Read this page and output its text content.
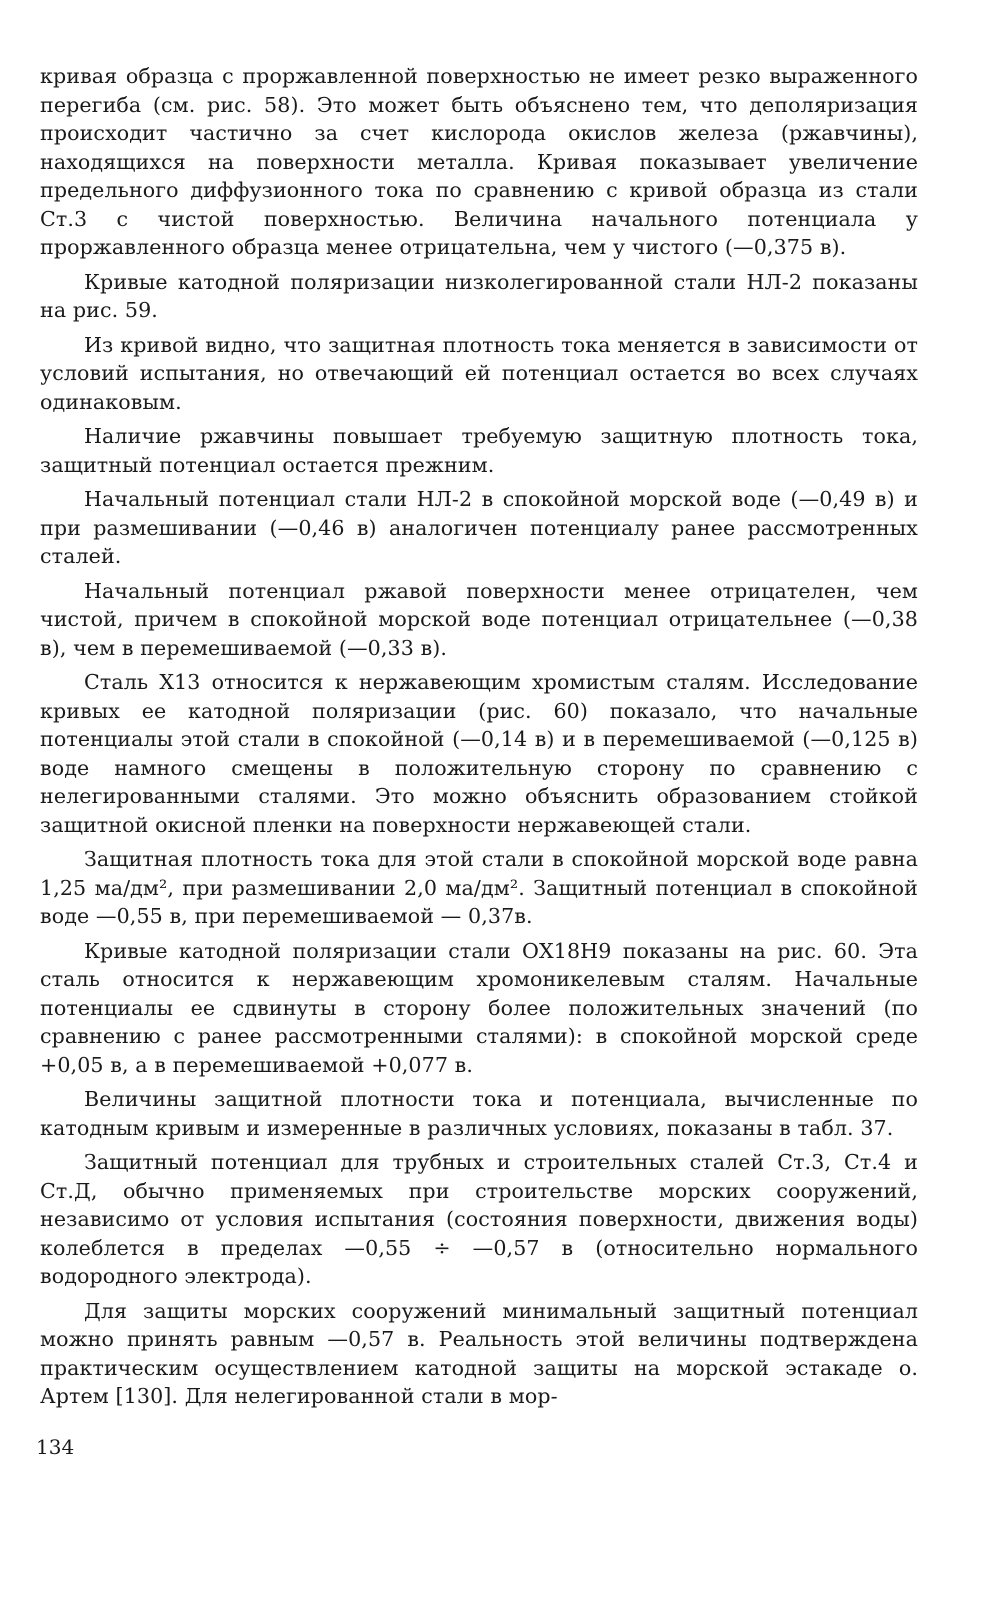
кривая образца с проржавленной поверхностью не имеет резко выраженного перегиба (см. рис. 58). Это может быть объяснено тем, что деполяризация происходит частично за счет кислорода окислов железа (ржавчины), находящихся на поверхности металла. Кривая показывает увеличение предельного диффузионного тока по сравнению с кривой образца из стали Ст.3 с чистой поверхностью. Величина начального потенциала у проржавленного образца менее отрицательна, чем у чистого (—0,375 в).

Кривые катодной поляризации низколегированной стали НЛ-2 показаны на рис. 59.

Из кривой видно, что защитная плотность тока меняется в зависимости от условий испытания, но отвечающий ей потенциал остается во всех случаях одинаковым.

Наличие ржавчины повышает требуемую защитную плотность тока, защитный потенциал остается прежним.

Начальный потенциал стали НЛ-2 в спокойной морской воде (—0,49 в) и при размешивании (—0,46 в) аналогичен потенциалу ранее рассмотренных сталей.

Начальный потенциал ржавой поверхности менее отрицателен, чем чистой, причем в спокойной морской воде потенциал отрицательнее (—0,38 в), чем в перемешиваемой (—0,33 в).

Сталь Х13 относится к нержавеющим хромистым сталям. Исследование кривых ее катодной поляризации (рис. 60) показало, что начальные потенциалы этой стали в спокойной (—0,14 в) и в перемешиваемой (—0,125 в) воде намного смещены в положительную сторону по сравнению с нелегированными сталями. Это можно объяснить образованием стойкой защитной окисной пленки на поверхности нержавеющей стали.

Защитная плотность тока для этой стали в спокойной морской воде равна 1,25 ма/дм², при размешивании 2,0 ма/дм². Защитный потенциал в спокойной воде —0,55 в, при перемешиваемой — 0,37в.

Кривые катодной поляризации стали ОХ18Н9 показаны на рис. 60. Эта сталь относится к нержавеющим хромоникелевым сталям. Начальные потенциалы ее сдвинуты в сторону более положительных значений (по сравнению с ранее рассмотренными сталями): в спокойной морской среде +0,05 в, а в перемешиваемой +0,077 в.

Величины защитной плотности тока и потенциала, вычисленные по катодным кривым и измеренные в различных условиях, показаны в табл. 37.

Защитный потенциал для трубных и строительных сталей Ст.3, Ст.4 и Ст.Д, обычно применяемых при строительстве морских сооружений, независимо от условия испытания (состояния поверхности, движения воды) колеблется в пределах —0,55 ÷ —0,57 в (относительно нормального водородного электрода).

Для защиты морских сооружений минимальный защитный потенциал можно принять равным —0,57 в. Реальность этой величины подтверждена практическим осуществлением катодной защиты на морской эстакаде о. Артем [130]. Для нелегированной стали в мор-

134
